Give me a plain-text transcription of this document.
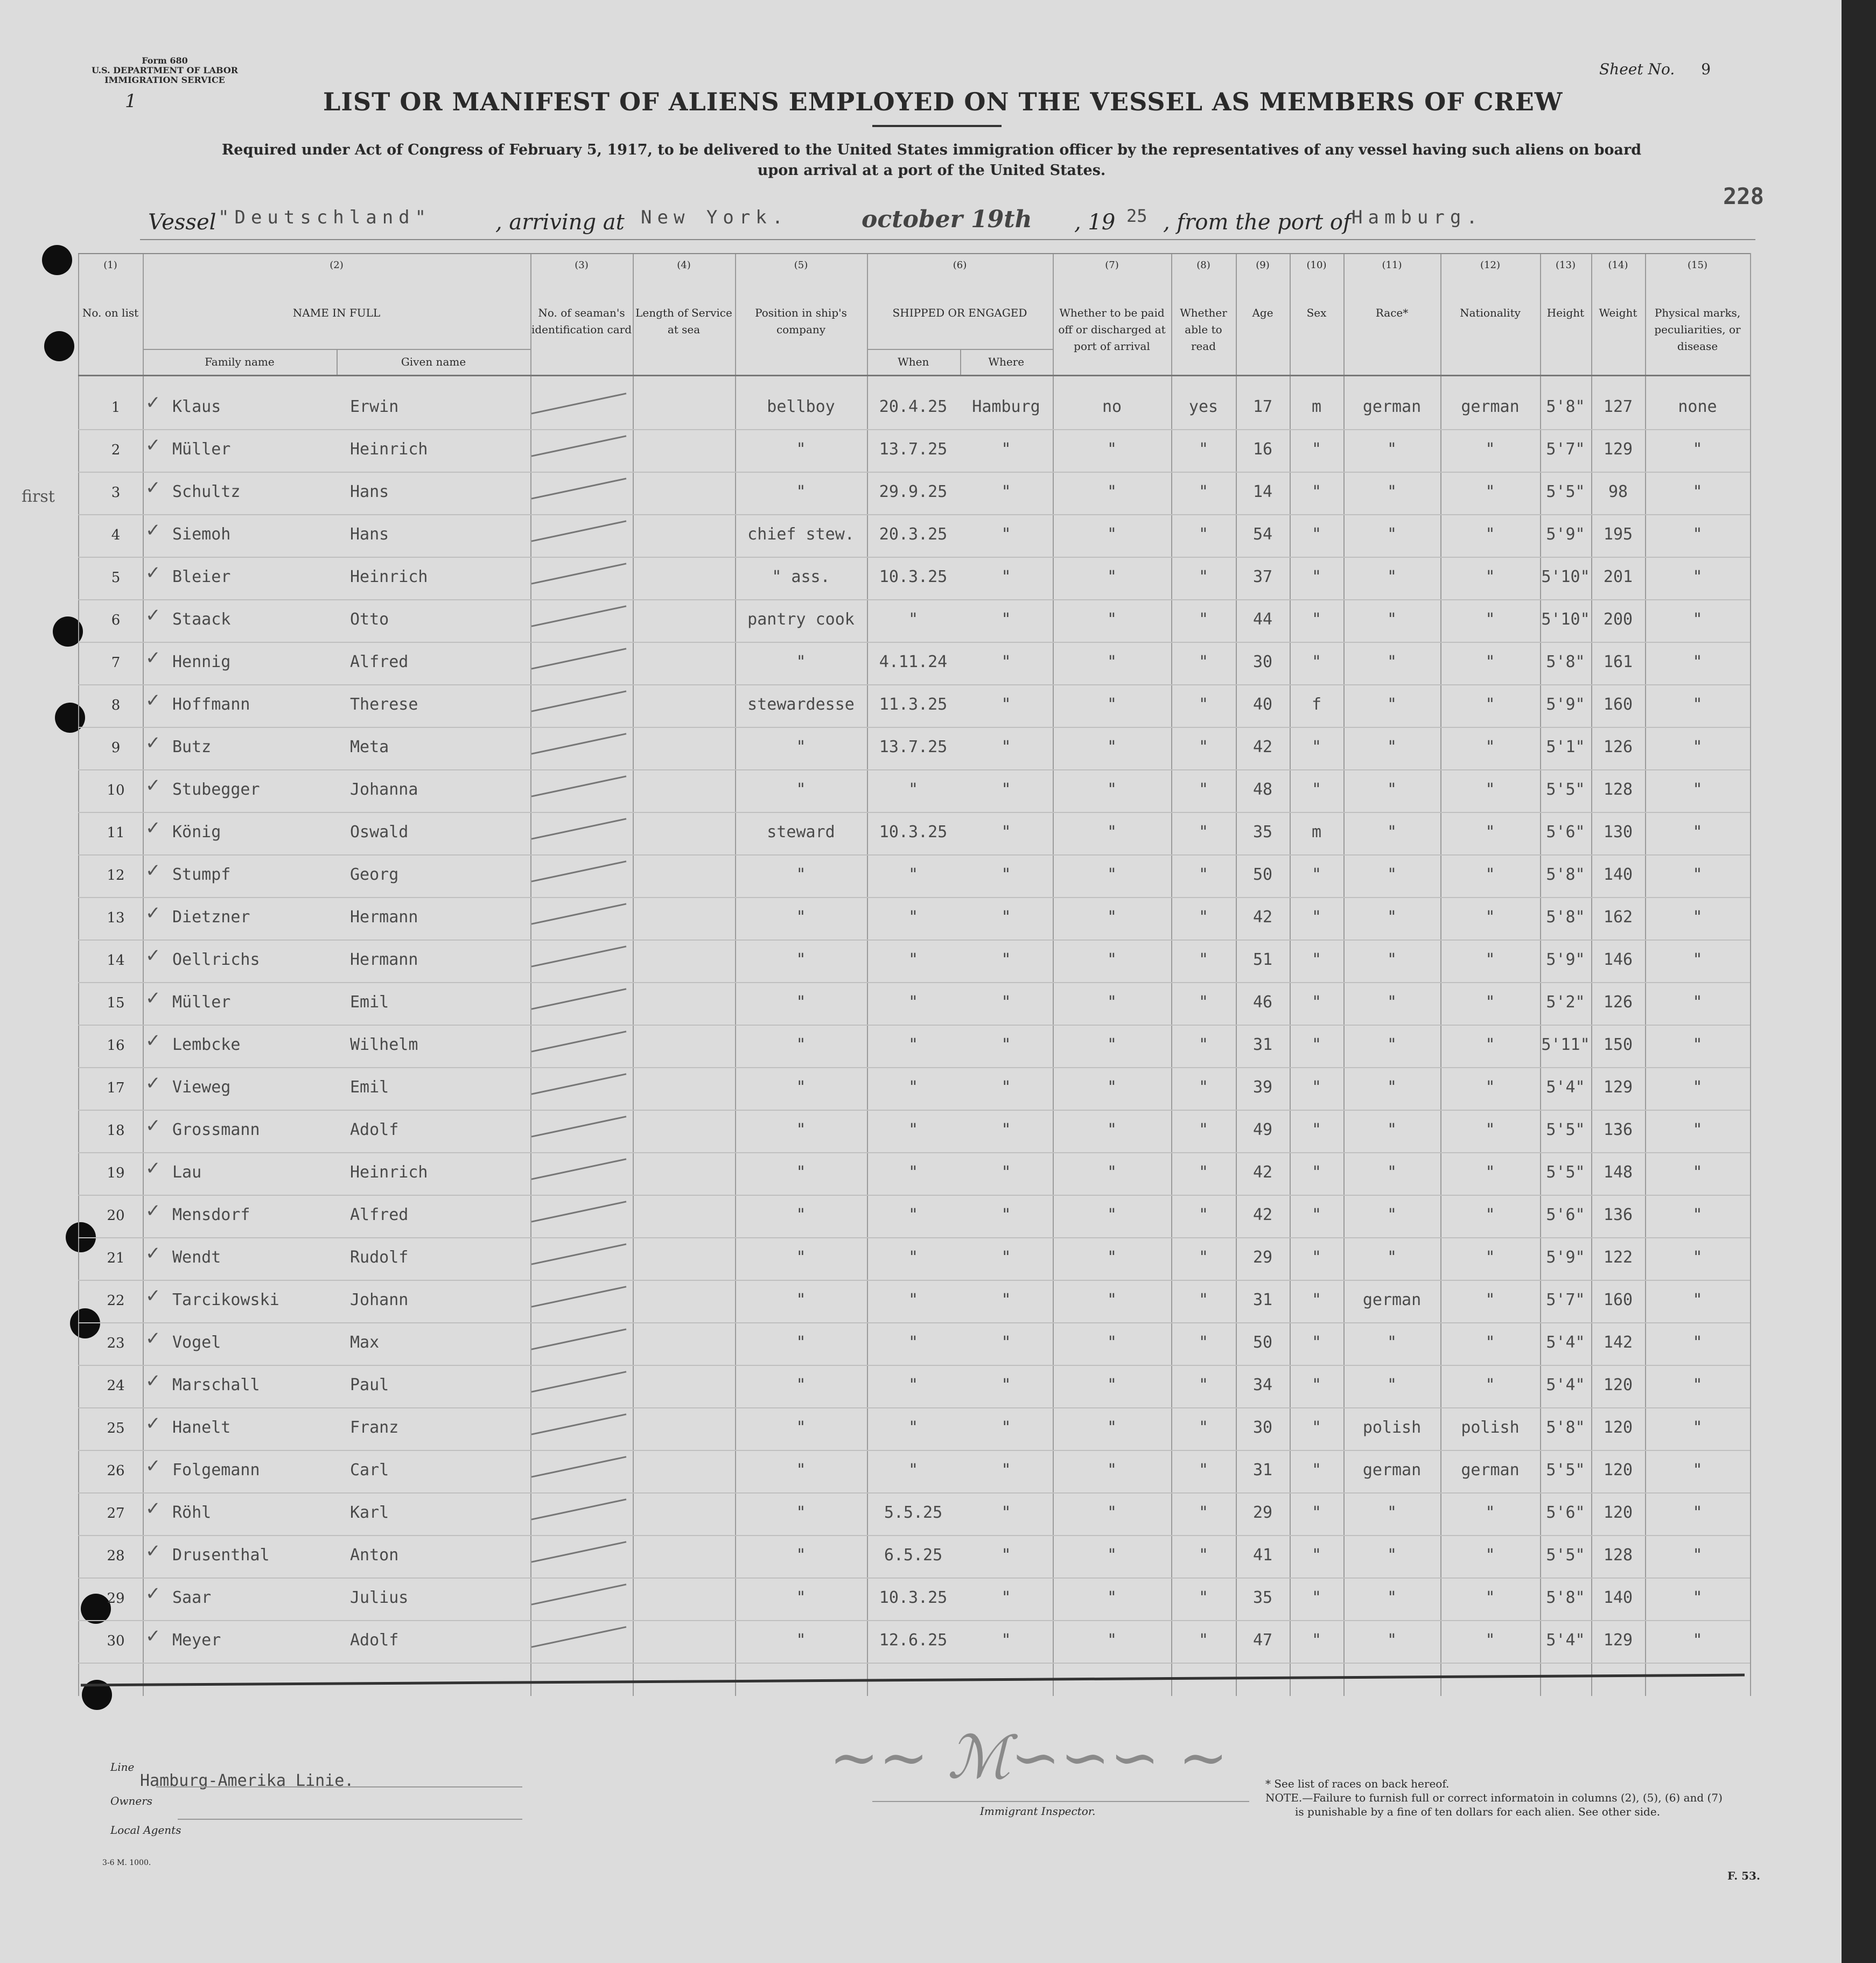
Form 680
U.S. DEPARTMENT OF LABOR
IMMIGRATION SERVICE
1
Sheet No. 9
228
LIST OR MANIFEST OF ALIENS EMPLOYED ON THE VESSEL AS MEMBERS OF CREW
Required under Act of Congress of February 5, 1917, to be delivered to the United States immigration officer by the representatives of any vessel having such aliens on board upon arrival at a port of the United States.
Vessel "Deutschland"	, arriving at New York.	october 19th , 19 25 , from the port of Hamburg.
first
(1)
No. on list
(2)
NAME IN FULL
Family name	Given name
(3)
No. of seaman's identification card
(4)
Length of Service at sea
(5)
Position in ship's company
(6)
SHIPPED OR ENGAGED
When	Where
(7)
Whether to be paid off or discharged at port of arrival
(8)
Whether able to read
(9)
Age
(10)
Sex
(11)
Race*
(12)
Nationality
(13)
Height
(14)
Weight
(15)
Physical marks, peculiarities, or disease
1	✓ Klaus	Erwin	bellboy	20.4.25	Hamburg	no	yes	17	m	german	german	5'8"	127	none
2	✓ Müller	Heinrich	"	13.7.25	"	"	"	16	"	"	"	5'7"	129	"
3	✓ Schultz	Hans	"	29.9.25	"	"	"	14	"	"	"	5'5"	98	"
4	✓ Siemoh	Hans	chief stew.	20.3.25	"	"	"	54	"	"	"	5'9"	195	"
5	✓ Bleier	Heinrich	" ass.	10.3.25	"	"	"	37	"	"	"	5'10" 201	"
6	✓ Staack	Otto	pantry cook	"	"	"	"	44	"	"	"	5'10" 200	"
7	✓ Hennig	Alfred	"	4.11.24	"	"	"	30	"	"	"	5'8"	161	"
8	✓ Hoffmann	Therese	stewardesse	11.3.25	"	"	"	40	f	"	"	5'9"	160	"
9	✓ Butz	Meta	"	13.7.25	"	"	"	42	"	"	"	5'1"	126	"
10	✓ Stubegger	Johanna	"	"	"	"	"	48	"	"	"	5'5"	128	"
11	✓ König	Oswald	steward	10.3.25	"	"	"	35	m	"	"	5'6"	130	"
12	✓ Stumpf	Georg	"	"	"	"	"	50	"	"	"	5'8"	140	"
13	✓ Dietzner	Hermann	"	"	"	"	"	42	"	"	"	5'8"	162	"
14	✓ Oellrichs	Hermann	"	"	"	"	"	51	"	"	"	5'9"	146	"
15	✓ Müller	Emil	"	"	"	"	"	46	"	"	"	5'2"	126	"
16	✓ Lembcke	Wilhelm	"	"	"	"	"	31	"	"	"	5'11" 150	"
17	✓ Vieweg	Emil	"	"	"	"	"	39	"	"	"	5'4"	129	"
18	✓ Grossmann	Adolf	"	"	"	"	"	49	"	"	"	5'5"	136	"
19	✓ Lau	Heinrich	"	"	"	"	"	42	"	"	"	5'5"	148	"
20	✓ Mensdorf	Alfred	"	"	"	"	"	42	"	"	"	5'6"	136	"
21	✓ Wendt	Rudolf	"	"	"	"	"	29	"	"	"	5'9"	122	"
22	✓ Tarcikowski	Johann	"	"	"	"	"	31	"	german	"	5'7"	160	"
23	✓ Vogel	Max	"	"	"	"	"	50	"	"	"	5'4"	142	"
24	✓ Marschall	Paul	"	"	"	"	"	34	"	"	"	5'4"	120	"
25	✓ Hanelt	Franz	"	"	"	"	"	30	"	polish	polish	5'8"	120	"
26	✓ Folgemann	Carl	"	"	"	"	"	31	"	german	german	5'5"	120	"
27	✓ Röhl	Karl	"	5.5.25	"	"	"	29	"	"	"	5'6"	120	"
28	✓ Drusenthal	Anton	"	6.5.25	"	"	"	41	"	"	"	5'5"	128	"
29	✓ Saar	Julius	"	10.3.25	"	"	"	35	"	"	"	5'8"	140	"
30	✓ Meyer	Adolf	"	12.6.25	"	"	"	47	"	"	"	5'4"	129	"
Line
Owners
Hamburg-Amerika Linie.
Local Agents
~~ ℳ∽∽∽ ~
Immigrant Inspector.
* See list of races on back hereof.
NOTE.—Failure to furnish full or correct informatoin in columns (2), (5), (6) and (7)
is punishable by a fine of ten dollars for each alien. See other side.
F. 53.
3-6 M. 1000.
